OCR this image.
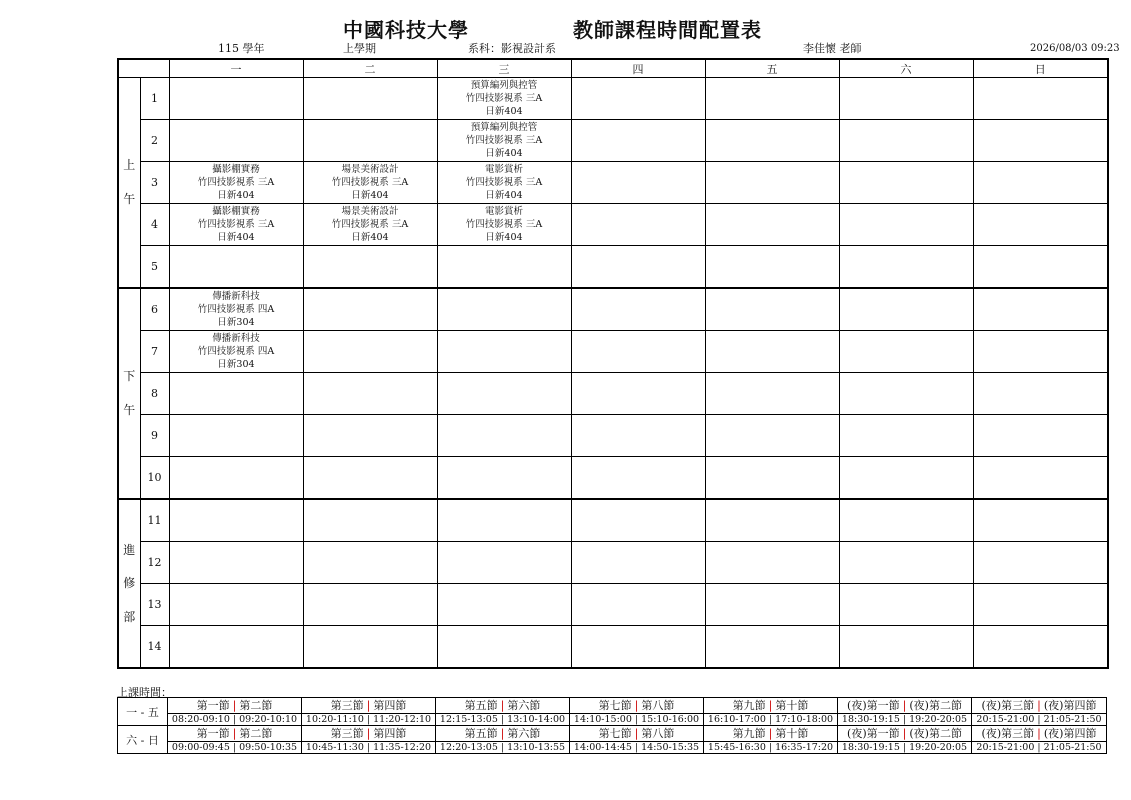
中國科技大學	教師課程時間配置表
115 學年	上學期	系科：影視設計系	李佳懷 老師	2026/08/03 09:23
		一	二	三	四	五	六	日
上

午	1			預算編列與控管
竹四技影視系 三A
日新404				

	2			預算編列與控管
竹四技影視系 三A
日新404				

	3	攝影棚實務
竹四技影視系 三A
日新404	場景美術設計
竹四技影視系 三A
日新404	電影賞析
竹四技影視系 三A
日新404				

	4	攝影棚實務
竹四技影視系 三A
日新404	場景美術設計
竹四技影視系 三A
日新404	電影賞析
竹四技影視系 三A
日新404				

	5							
下

午	6	傳播新科技
竹四技影視系 四A
日新304						

	7	傳播新科技
竹四技影視系 四A
日新304						

	8							
	9							
	10							
進

修

部	11							
	12							
	13							
	14							
上課時間：
一 - 五	第一節 | 第二節	第三節 | 第四節	第五節 | 第六節	第七節 | 第八節	第九節 | 第十節	(夜)第一節 | (夜)第二節	(夜)第三節 | (夜)第四節
	08:20-09:10 | 09:20-10:10	10:20-11:10 | 11:20-12:10	12:15-13:05 | 13:10-14:00	14:10-15:00 | 15:10-16:00	16:10-17:00 | 17:10-18:00	18:30-19:15 | 19:20-20:05	20:15-21:00 | 21:05-21:50
六 - 日	第一節 | 第二節	第三節 | 第四節	第五節 | 第六節	第七節 | 第八節	第九節 | 第十節	(夜)第一節 | (夜)第二節	(夜)第三節 | (夜)第四節
	09:00-09:45 | 09:50-10:35	10:45-11:30 | 11:35-12:20	12:20-13:05 | 13:10-13:55	14:00-14:45 | 14:50-15:35	15:45-16:30 | 16:35-17:20	18:30-19:15 | 19:20-20:05	20:15-21:00 | 21:05-21:50
